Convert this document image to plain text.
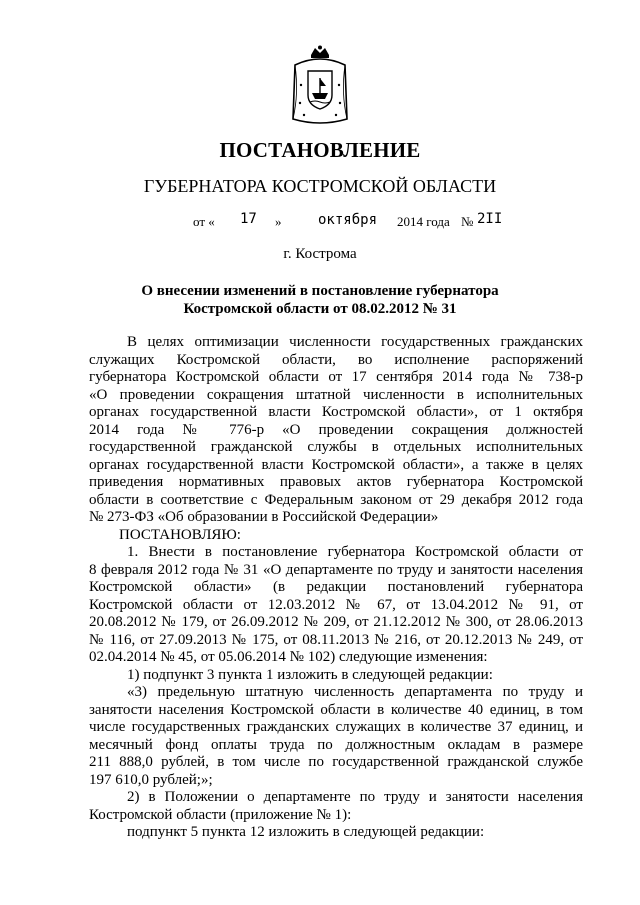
ПОСТАНОВЛЕНИЕ
ГУБЕРНАТОРА КОСТРОМСКОЙ ОБЛАСТИ
от « 17 »	октября 2014 года № 2II
г. Кострома
О внесении изменений в постановление губернатора
Костромской области от 08.02.2012 № 31

В целях оптимизации численности государственных гражданских

служащих Костромской области, во исполнение распоряжений

губернатора Костромской области от 17 сентября 2014 года № 738-р

«О проведении сокращения штатной численности в исполнительных

органах государственной власти Костромской области», от 1 октября

2014 года № 776-р «О проведении сокращения должностей

государственной гражданской службы в отдельных исполнительных

органах государственной власти Костромской области», а также в целях

приведения нормативных правовых актов губернатора Костромской

области в соответствие с Федеральным законом от 29 декабря 2012 года

№ 273-ФЗ «Об образовании в Российской Федерации»

ПОСТАНОВЛЯЮ:

1. Внести в постановление губернатора Костромской области от

8 февраля 2012 года № 31 «О департаменте по труду и занятости населения

Костромской области» (в редакции постановлений губернатора

Костромской области от 12.03.2012 № 67, от 13.04.2012 № 91, от

20.08.2012 № 179, от 26.09.2012 № 209, от 21.12.2012 № 300, от 28.06.2013

№ 116, от 27.09.2013 № 175, от 08.11.2013 № 216, от 20.12.2013 № 249, от

02.04.2014 № 45, от 05.06.2014 № 102) следующие изменения:

1) подпункт 3 пункта 1 изложить в следующей редакции:

«3) предельную штатную численность департамента по труду и

занятости населения Костромской области в количестве 40 единиц, в том

числе государственных гражданских служащих в количестве 37 единиц, и

месячный фонд оплаты труда по должностным окладам в размере

211 888,0 рублей, в том числе по государственной гражданской службе

197 610,0 рублей;»;

2) в Положении о департаменте по труду и занятости населения

Костромской области (приложение № 1):

подпункт 5 пункта 12 изложить в следующей редакции:
